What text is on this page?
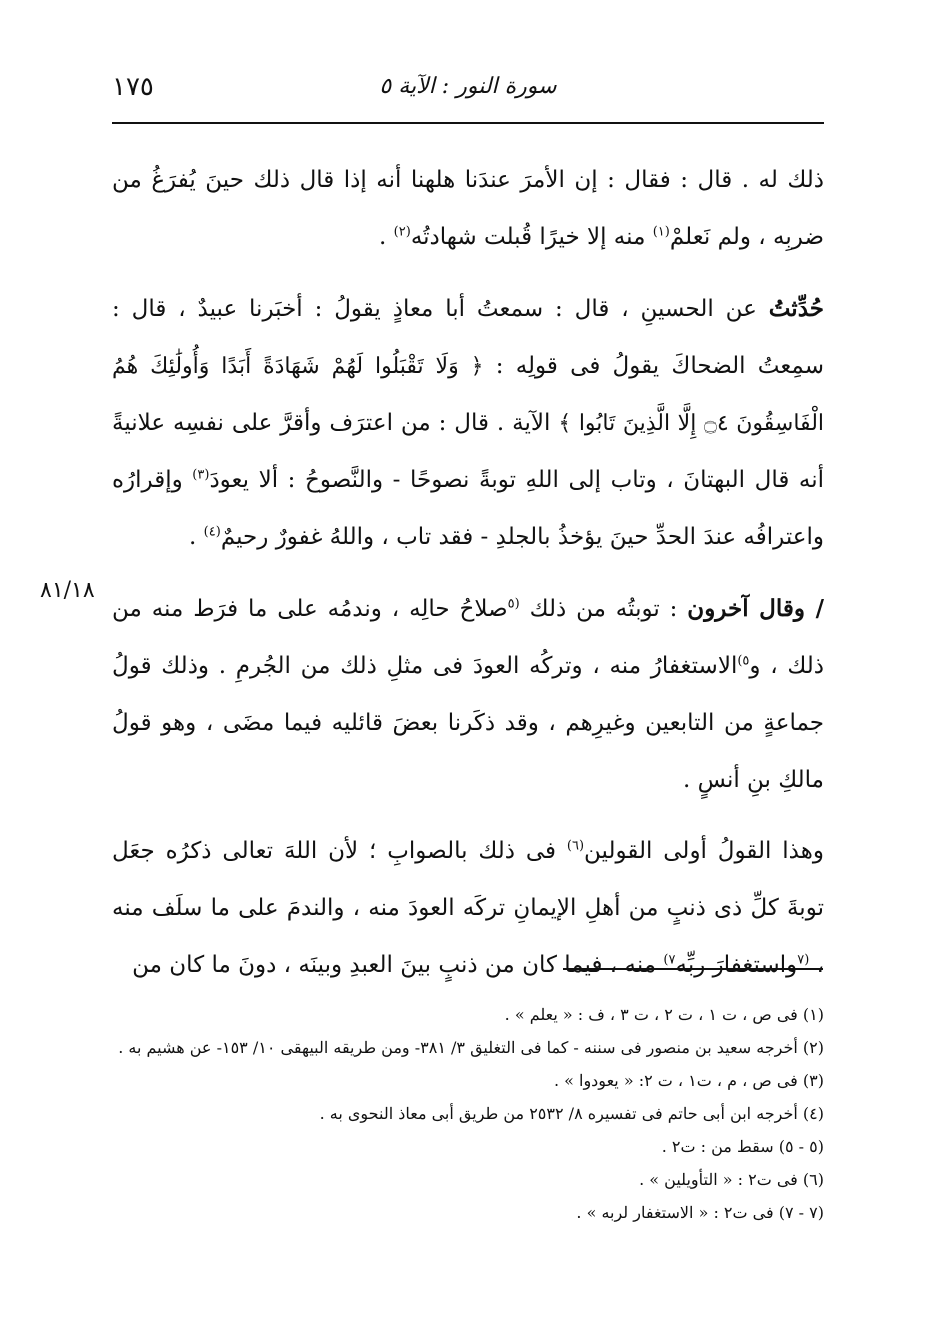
١٧٥	سورة النور : الآية ٥
٨١/١٨

ذلك له . قال : فقال : إن الأمرَ عندَنا هلهنا أنه إذا قال ذلك حينَ يُفرَغُ من ضربِه ، ولم نَعلمْ$^{(١)}$ منه إلا خيرًا قُبلت شهادتُه$^{(٢)}$ .

حُدِّثتُ عن الحسينِ ، قال : سمعتُ أبا معاذٍ يقولُ : أخبَرنا عبيدٌ ، قال : سمِعتُ الضحاكَ يقولُ فى قولِه : ﴿ وَلَا تَقْبَلُوا لَهُمْ شَهَادَةً أَبَدًا وَأُولَٰئِكَ هُمُ الْفَاسِقُونَ ۝٤ إِلَّا الَّذِينَ تَابُوا ﴾ الآية . قال : من اعترَف وأقرَّ على نفسِه علانيةً أنه قال البهتانَ ، وتاب إلى اللهِ توبةً نصوحًا - والنَّصوحُ : ألا يعودَ$^{(٣)}$ وإقرارُه واعترافُه عندَ الحدِّ حينَ يؤخذُ بالجلدِ - فقد تاب ، واللهُ غفورٌ رحيمٌ$^{(٤)}$ .

/ وقال آخرون : توبتُه من ذلك $^{(٥}$صلاحُ حالِه ، وندمُه على ما فرَط منه من ذلك ، و$^{٥)}$الاستغفارُ منه ، وتركُه العودَ فى مثلِ ذلك من الجُرمِ . وذلك قولُ جماعةٍ من التابعين وغيرِهم ، وقد ذكَرنا بعضَ قائليه فيما مضَى ، وهو قولُ مالكِ بنِ أنسٍ .

وهذا القولُ أولى القولين$^{(٦)}$ فى ذلك بالصوابِ ؛ لأن اللهَ تعالى ذكرُه جعَل توبةَ كلِّ ذى ذنبٍ من أهلِ الإيمانِ تركَه العودَ منه ، والندمَ على ما سلَف منه ، $^{(٧}$واستغفارَ ربِّه$^{٧)}$ منه ، فيما كان من ذنبٍ بينَ العبدِ وبينَه ، دونَ ما كان من

(١) فى ص ، ت ١ ، ت ٢ ، ت ٣ ، ف : « يعلم » .

(٢) أخرجه سعيد بن منصور فى سننه - كما فى التغليق ٣/ ٣٨١- ومن طريقه البيهقى ١٠/ ١٥٣- عن هشيم به .

(٣) فى ص ، م ، ت١ ، ت ٢: « يعودوا » .

(٤) أخرجه ابن أبى حاتم فى تفسيره ٨/ ٢٥٣٢ من طريق أبى معاذ النحوى به .

(٥ - ٥) سقط من : ت٢ .

(٦) فى ت٢ : « التأويلين » .

(٧ - ٧) فى ت٢ : « الاستغفار لربه » .
